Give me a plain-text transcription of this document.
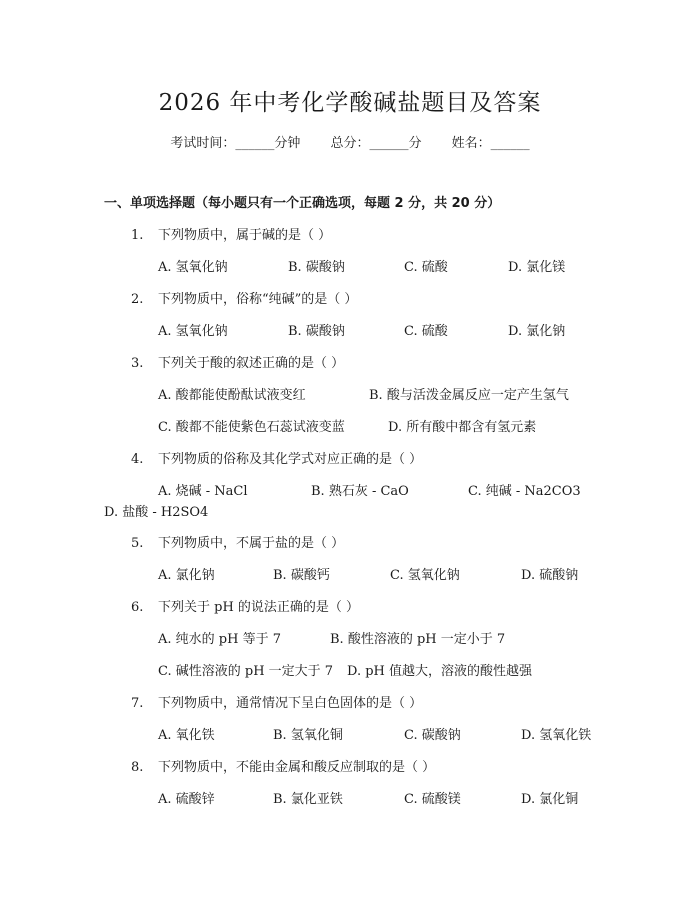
2026 年中考化学酸碱盐题目及答案
考试时间：______分钟 总分：______分 姓名：______
一、单项选择题（每小题只有一个正确选项，每题 2 分，共 20 分）
1. 下列物质中，属于碱的是（ ）
A. 氢氧化钠	B. 碳酸钠	C. 硫酸	D. 氯化镁
2. 下列物质中，俗称“纯碱”的是（ ）
A. 氢氧化钠	B. 碳酸钠	C. 硫酸	D. 氯化钠
3. 下列关于酸的叙述正确的是（ ）
A. 酸都能使酚酞试液变红	B. 酸与活泼金属反应一定产生氢气
C. 酸都不能使紫色石蕊试液变蓝	D. 所有酸中都含有氢元素
4. 下列物质的俗称及其化学式对应正确的是（ ）
A. 烧碱 - NaCl	B. 熟石灰 - CaO	C. 纯碱 - Na2CO3
D. 盐酸 - H2SO4
5. 下列物质中，不属于盐的是（ ）
A. 氯化钠	B. 碳酸钙	C. 氢氧化钠	D. 硫酸钠
6. 下列关于 pH 的说法正确的是（ ）
A. 纯水的 pH 等于 7	B. 酸性溶液的 pH 一定小于 7
C. 碱性溶液的 pH 一定大于 7 D. pH 值越大，溶液的酸性越强
7. 下列物质中，通常情况下呈白色固体的是（ ）
A. 氧化铁	B. 氢氧化铜	C. 碳酸钠	D. 氢氧化铁
8. 下列物质中，不能由金属和酸反应制取的是（ ）
A. 硫酸锌	B. 氯化亚铁	C. 硫酸镁	D. 氯化铜
